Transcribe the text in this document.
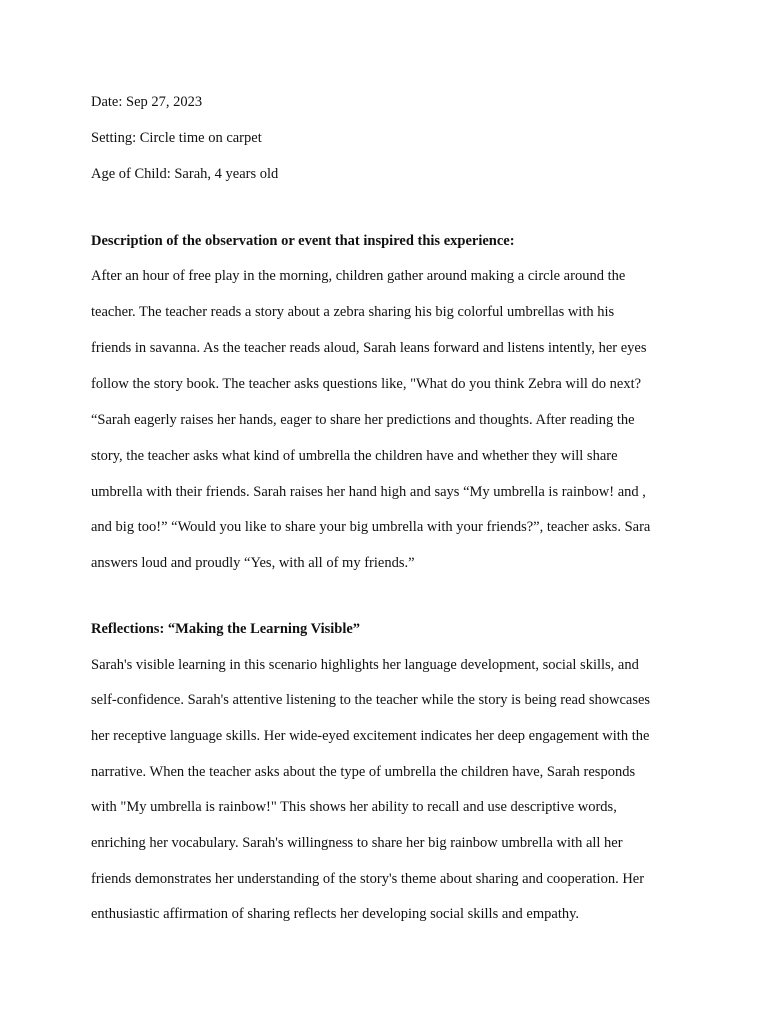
Date: Sep 27, 2023

Setting: Circle time on carpet

Age of Child: Sarah, 4 years old

Description of the observation or event that inspired this experience:

After an hour of free play in the morning, children gather around making a circle around the

teacher. The teacher reads a story about a zebra sharing his big colorful umbrellas with his

friends in savanna. As the teacher reads aloud, Sarah leans forward and listens intently, her eyes

follow the story book. The teacher asks questions like, "What do you think Zebra will do next?

“Sarah eagerly raises her hands, eager to share her predictions and thoughts. After reading the

story, the teacher asks what kind of umbrella the children have and whether they will share

umbrella with their friends. Sarah raises her hand high and says “My umbrella is rainbow! and ,

and big too!” “Would you like to share your big umbrella with your friends?”, teacher asks. Sara

answers loud and proudly “Yes, with all of my friends.”

Reflections: “Making the Learning Visible”

Sarah's visible learning in this scenario highlights her language development, social skills, and

self-confidence. Sarah's attentive listening to the teacher while the story is being read showcases

her receptive language skills. Her wide-eyed excitement indicates her deep engagement with the

narrative. When the teacher asks about the type of umbrella the children have, Sarah responds

with "My umbrella is rainbow!" This shows her ability to recall and use descriptive words,

enriching her vocabulary. Sarah's willingness to share her big rainbow umbrella with all her

friends demonstrates her understanding of the story's theme about sharing and cooperation. Her

enthusiastic affirmation of sharing reflects her developing social skills and empathy.
